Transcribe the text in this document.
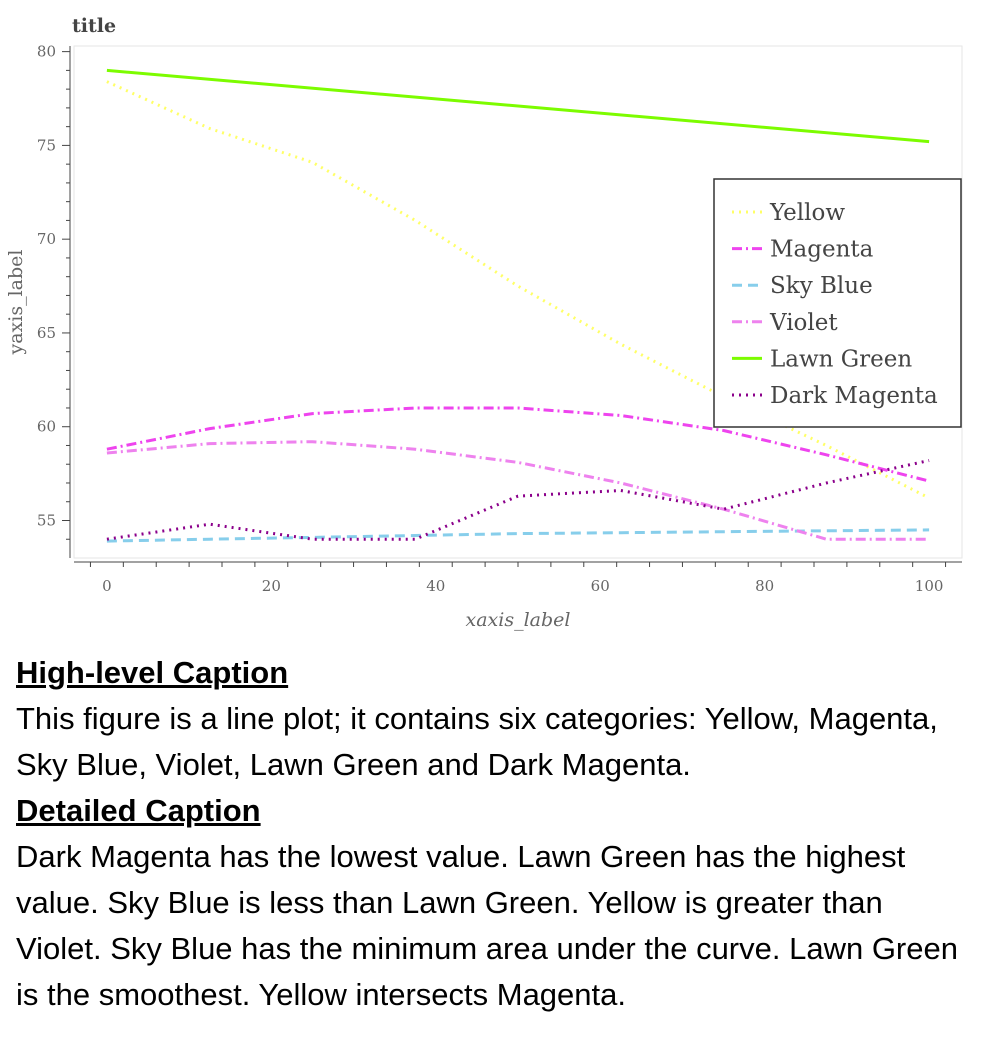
title
55
60
65
70
75
80
0	20	40	60	80	100
xaxis_label
yaxis_label
Yellow
Magenta
Sky Blue
Violet
Lawn Green
Dark Magenta
High-level Caption

This figure is a line plot; it contains six categories: Yellow, Magenta, Sky Blue, Violet, Lawn Green and Dark Magenta.

Detailed Caption

Dark Magenta has the lowest value. Lawn Green has the highest value. Sky Blue is less than Lawn Green. Yellow is greater than Violet. Sky Blue has the minimum area under the curve. Lawn Green is the smoothest. Yellow intersects Magenta.
